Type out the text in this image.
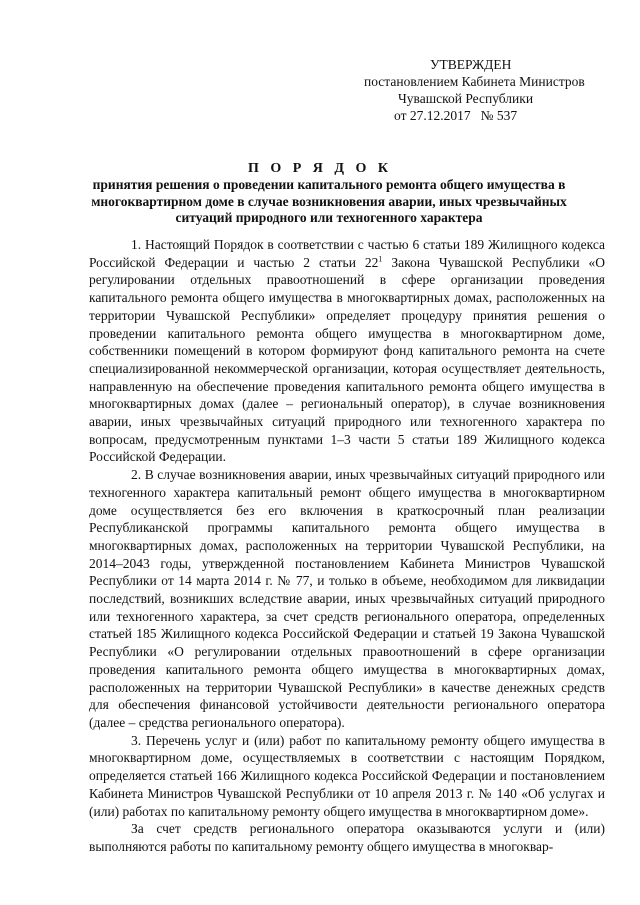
УТВЕРЖДЕН
постановлением Кабинета Министров
Чувашской Республики
от 27.12.2017 № 537
П О Р Я Д О К
принятия решения о проведении капитального ремонта общего имущества в многоквартирном доме в случае возникновения аварии, иных чрезвычайных ситуаций природного или техногенного характера

1. Настоящий Порядок в соответствии с частью 6 статьи 189 Жилищного кодекса Российской Федерации и частью 2 статьи $22^1$ Закона Чувашской Республики «О регулировании отдельных правоотношений в сфере организации проведения капитального ремонта общего имущества в многоквартирных домах, расположенных на территории Чувашской Республики» определяет процедуру принятия решения о проведении капитального ремонта общего имущества в многоквартирном доме, собственники помещений в котором формируют фонд капитального ремонта на счете специализированной некоммерческой организации, которая осуществляет деятельность, направленную на обеспечение проведения капитального ремонта общего имущества в многоквартирных домах (далее – региональный оператор), в случае возникновения аварии, иных чрезвычайных ситуаций природного или техногенного характера по вопросам, предусмотренным пунктами 1–3 части 5 статьи 189 Жилищного кодекса Российской Федерации.

2. В случае возникновения аварии, иных чрезвычайных ситуаций природного или техногенного характера капитальный ремонт общего имущества в многоквартирном доме осуществляется без его включения в краткосрочный план реализации Республиканской программы капитального ремонта общего имущества в многоквартирных домах, расположенных на территории Чувашской Республики, на 2014–2043 годы, утвержденной постановлением Кабинета Министров Чувашской Республики от 14 марта 2014 г. № 77, и только в объеме, необходимом для ликвидации последствий, возникших вследствие аварии, иных чрезвычайных ситуаций природного или техногенного характера, за счет средств регионального оператора, определенных статьей 185 Жилищного кодекса Российской Федерации и статьей 19 Закона Чувашской Республики «О регулировании отдельных правоотношений в сфере организации проведения капитального ремонта общего имущества в многоквартирных домах, расположенных на территории Чувашской Республики» в качестве денежных средств для обеспечения финансовой устойчивости деятельности регионального оператора (далее – средства регионального оператора).

3. Перечень услуг и (или) работ по капитальному ремонту общего имущества в многоквартирном доме, осуществляемых в соответствии с настоящим Порядком, определяется статьей 166 Жилищного кодекса Российской Федерации и постановлением Кабинета Министров Чувашской Республики от 10 апреля 2013 г. № 140 «Об услугах и (или) работах по капитальному ремонту общего имущества в многоквартирном доме».

За счет средств регионального оператора оказываются услуги и (или) выполняются работы по капитальному ремонту общего имущества в многоквар-
